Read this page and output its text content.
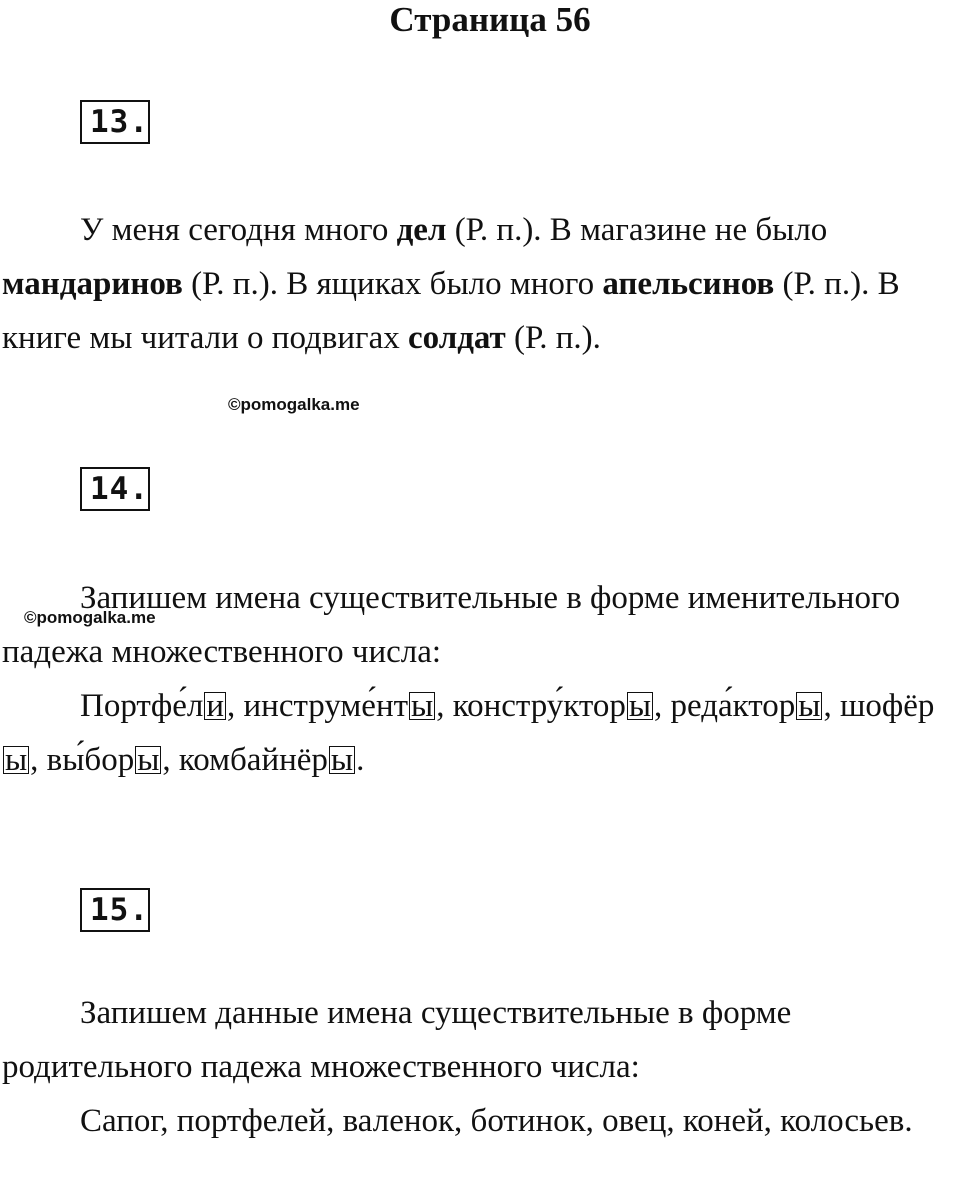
Страница 56
13.
У меня сегодня много дел (Р. п.). В магазине не было мандаринов (Р. п.). В ящиках было много апельсинов (Р. п.). В книге мы читали о подвигах солдат (Р. п.).
©pomogalka.me
14.

Запишем имена существительные в форме именительного падежа множественного числа:

Портфе́ли, инструме́нты, констру́кторы, реда́кторы, шофёры, вы́боры, комбайнёры.

©pomogalka.me
15.

Запишем данные имена существительные в форме родительного падежа множественного числа:

Сапог, портфелей, валенок, ботинок, овец, коней, колосьев.
